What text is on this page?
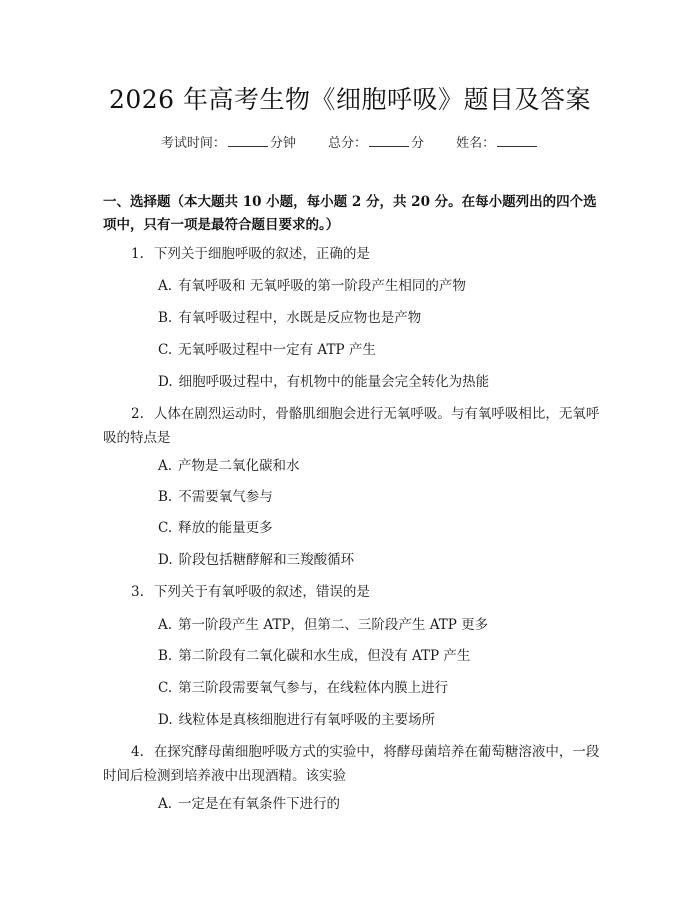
2026 年高考生物《细胞呼吸》题目及答案
考试时间：	分钟 总分：	分 姓名：
一、选择题（本大题共 10 小题，每小题 2 分，共 20 分。在每小题列出的四个选项中，只有一项是最符合题目要求的。）
1. 下列关于细胞呼吸的叙述，正确的是
A. 有氧呼吸和 无氧呼吸的第一阶段产生相同的产物
B. 有氧呼吸过程中，水既是反应物也是产物
C. 无氧呼吸过程中一定有 ATP 产生
D. 细胞呼吸过程中，有机物中的能量会完全转化为热能
2. 人体在剧烈运动时，骨骼肌细胞会进行无氧呼吸。与有氧呼吸相比，无氧呼吸的特点是
A. 产物是二氧化碳和水
B. 不需要氧气参与
C. 释放的能量更多
D. 阶段包括糖酵解和三羧酸循环
3. 下列关于有氧呼吸的叙述，错误的是
A. 第一阶段产生 ATP，但第二、三阶段产生 ATP 更多
B. 第二阶段有二氧化碳和水生成，但没有 ATP 产生
C. 第三阶段需要氧气参与，在线粒体内膜上进行
D. 线粒体是真核细胞进行有氧呼吸的主要场所
4. 在探究酵母菌细胞呼吸方式的实验中，将酵母菌培养在葡萄糖溶液中，一段时间后检测到培养液中出现酒精。该实验
A. 一定是在有氧条件下进行的
